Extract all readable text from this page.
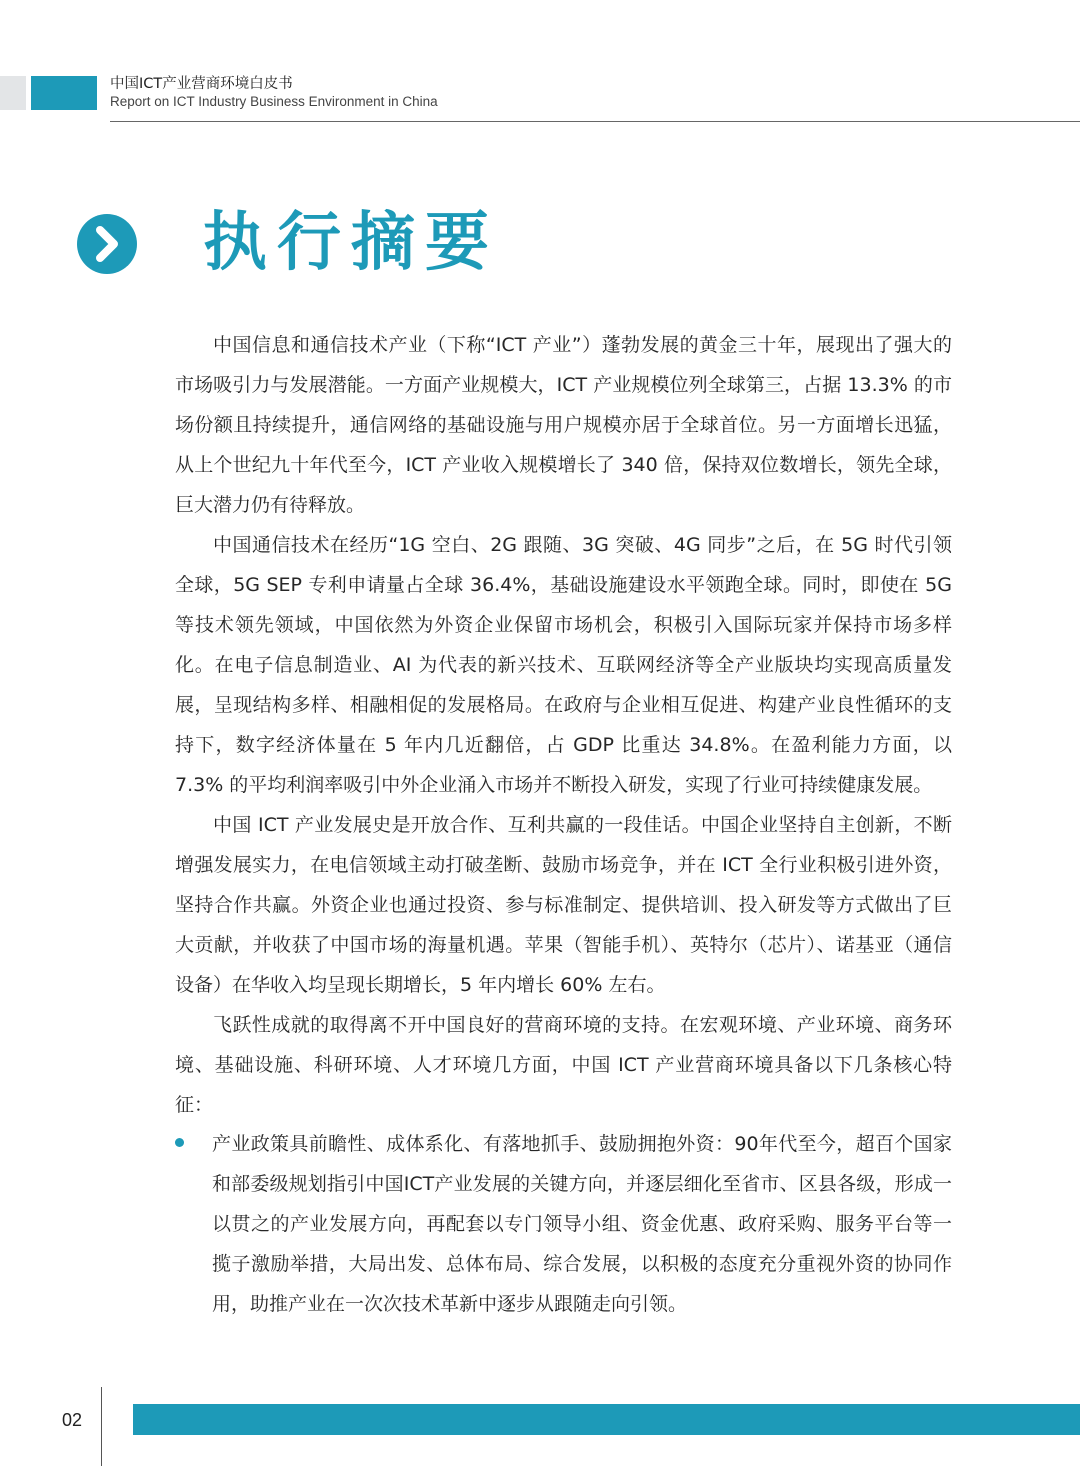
中国ICT产业营商环境白皮书
Report on ICT Industry Business Environment in China
执行摘要

中国信息和通信技术产业（下称“ICT 产业”）蓬勃发展的黄金三十年，展现出了强大的市场吸引力与发展潜能。一方面产业规模大，ICT 产业规模位列全球第三，占据 13.3% 的市场份额且持续提升，通信网络的基础设施与用户规模亦居于全球首位。另一方面增长迅猛，从上个世纪九十年代至今，ICT 产业收入规模增长了 340 倍，保持双位数增长，领先全球，巨大潜力仍有待释放。

中国通信技术在经历“1G 空白、2G 跟随、3G 突破、4G 同步”之后，在 5G 时代引领全球，5G SEP 专利申请量占全球 36.4%，基础设施建设水平领跑全球。同时，即使在 5G 等技术领先领域，中国依然为外资企业保留市场机会，积极引入国际玩家并保持市场多样化。在电子信息制造业、AI 为代表的新兴技术、互联网经济等全产业版块均实现高质量发展，呈现结构多样、相融相促的发展格局。在政府与企业相互促进、构建产业良性循环的支持下，数字经济体量在 5 年内几近翻倍，占 GDP 比重达 34.8%。在盈利能力方面，以 7.3% 的平均利润率吸引中外企业涌入市场并不断投入研发，实现了行业可持续健康发展。

中国 ICT 产业发展史是开放合作、互利共赢的一段佳话。中国企业坚持自主创新，不断增强发展实力，在电信领域主动打破垄断、鼓励市场竞争，并在 ICT 全行业积极引进外资，坚持合作共赢。外资企业也通过投资、参与标准制定、提供培训、投入研发等方式做出了巨大贡献，并收获了中国市场的海量机遇。苹果（智能手机）、英特尔（芯片）、诺基亚（通信设备）在华收入均呈现长期增长，5 年内增长 60% 左右。

飞跃性成就的取得离不开中国良好的营商环境的支持。在宏观环境、产业环境、商务环境、基础设施、科研环境、人才环境几方面，中国 ICT 产业营商环境具备以下几条核心特征：

产业政策具前瞻性、成体系化、有落地抓手、鼓励拥抱外资：90年代至今，超百个国家和部委级规划指引中国ICT产业发展的关键方向，并逐层细化至省市、区县各级，形成一以贯之的产业发展方向，再配套以专门领导小组、资金优惠、政府采购、服务平台等一揽子激励举措，大局出发、总体布局、综合发展，以积极的态度充分重视外资的协同作用，助推产业在一次次技术革新中逐步从跟随走向引领。
02
